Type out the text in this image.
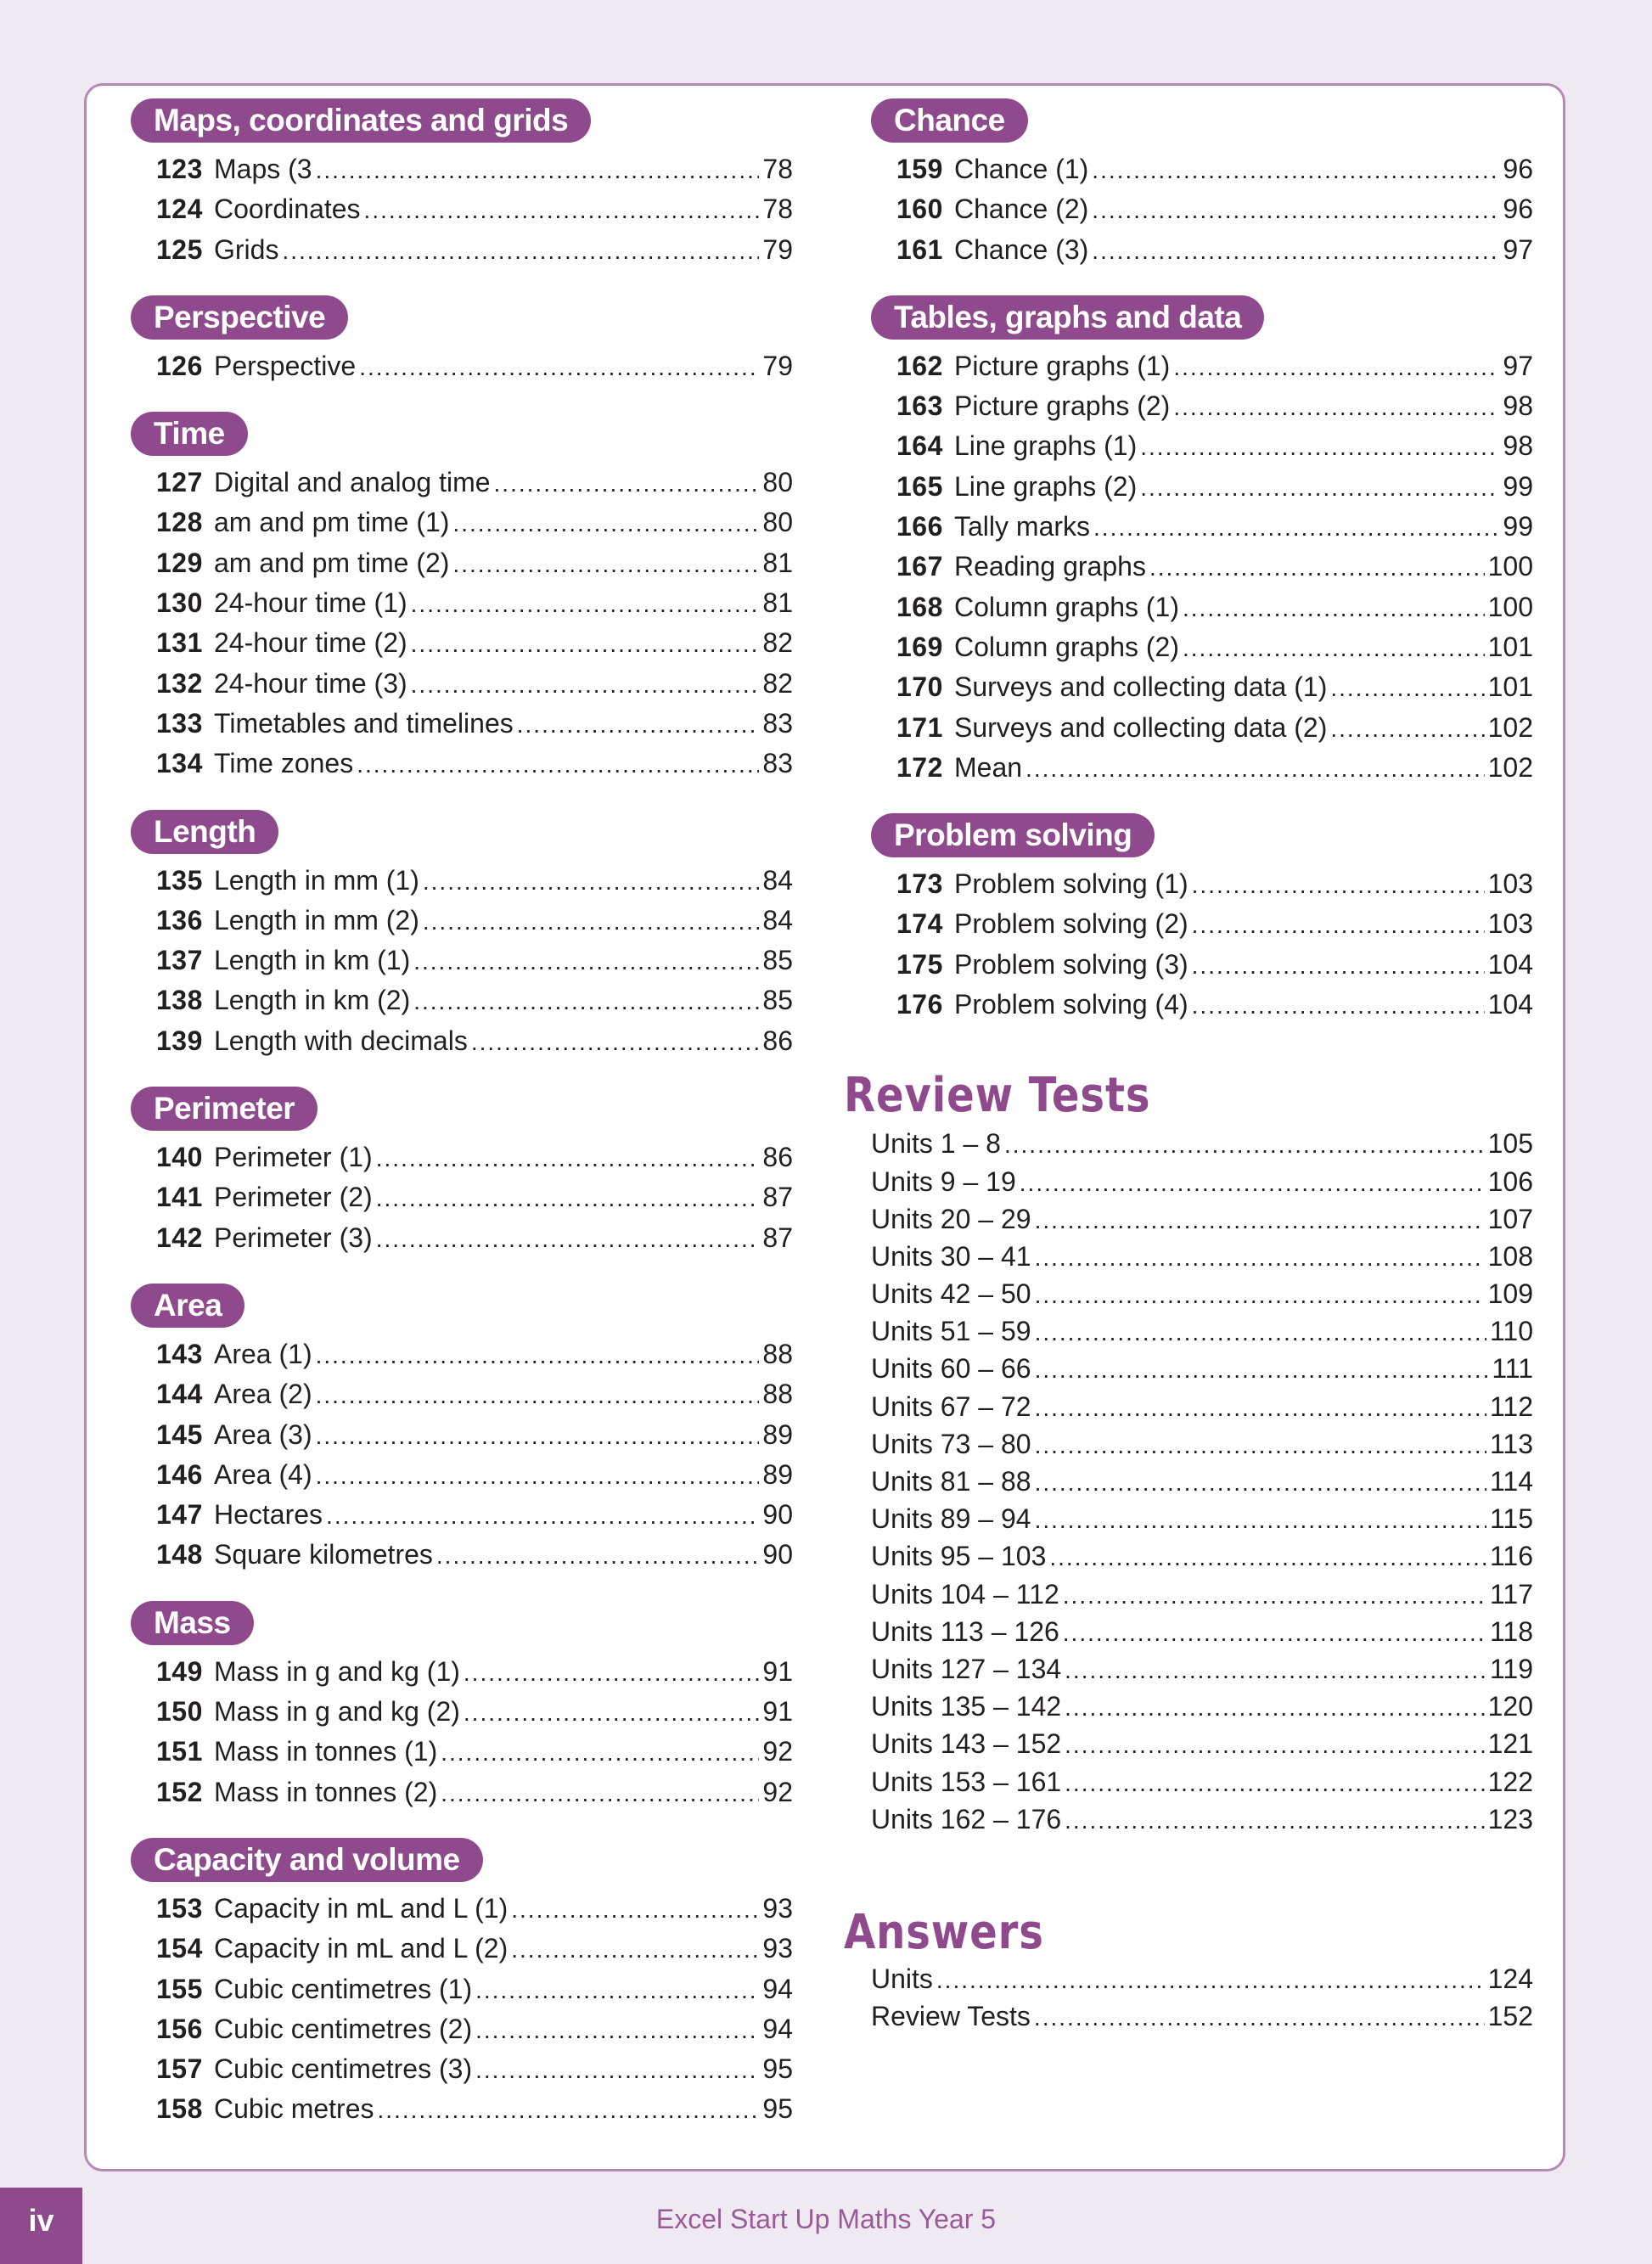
Maps, coordinates and grids
123 Maps (3 .....	78
124 Coordinates .....	78
125 Grids .....	79
Perspective
126 Perspective .....	79
Time
127 Digital and analog time .....	80
128 am and pm time (1) .....	80
129 am and pm time (2) .....	81
130 24-hour time (1) .....	81
131 24-hour time (2) .....	82
132 24-hour time (3) .....	82
133 Timetables and timelines .....	83
134 Time zones .....	83
Length
135 Length in mm (1) .....	84
136 Length in mm (2) .....	84
137 Length in km (1) .....	85
138 Length in km (2) .....	85
139 Length with decimals .....	86
Perimeter
140 Perimeter (1) .....	86
141 Perimeter (2) .....	87
142 Perimeter (3) .....	87
Area
143 Area (1) .....	88
144 Area (2) .....	88
145 Area (3) .....	89
146 Area (4) .....	89
147 Hectares .....	90
148 Square kilometres .....	90
Mass
149 Mass in g and kg (1) .....	91
150 Mass in g and kg (2) .....	91
151 Mass in tonnes (1) .....	92
152 Mass in tonnes (2) .....	92
Capacity and volume
153 Capacity in mL and L (1) .....	93
154 Capacity in mL and L (2) .....	93
155 Cubic centimetres (1) .....	94
156 Cubic centimetres (2) .....	94
157 Cubic centimetres (3) .....	95
158 Cubic metres .....	95
Chance
159 Chance (1) .....	96
160 Chance (2) .....	96
161 Chance (3) .....	97
Tables, graphs and data
162 Picture graphs (1) .....	97
163 Picture graphs (2) .....	98
164 Line graphs (1) .....	98
165 Line graphs (2) .....	99
166 Tally marks .....	99
167 Reading graphs .....	100
168 Column graphs (1) .....	100
169 Column graphs (2) .....	101
170 Surveys and collecting data (1) .....	101
171 Surveys and collecting data (2) .....	102
172 Mean .....	102
Problem solving
173 Problem solving (1) .....	103
174 Problem solving (2) .....	103
175 Problem solving (3) .....	104
176 Problem solving (4) .....	104
Review Tests
Units 1 – 8 .....	105
Units 9 – 19 .....	106
Units 20 – 29 .....	107
Units 30 – 41 .....	108
Units 42 – 50 .....	109
Units 51 – 59 .....	110
Units 60 – 66 .....	111
Units 67 – 72 .....	112
Units 73 – 80 .....	113
Units 81 – 88 .....	114
Units 89 – 94 .....	115
Units 95 – 103 .....	116
Units 104 – 112 .....	117
Units 113 – 126 .....	118
Units 127 – 134 .....	119
Units 135 – 142 .....	120
Units 143 – 152 .....	121
Units 153 – 161 .....	122
Units 162 – 176 .....	123
Answers
Units .....	124
Review Tests .....	152
iv	Excel Start Up Maths Year 5
